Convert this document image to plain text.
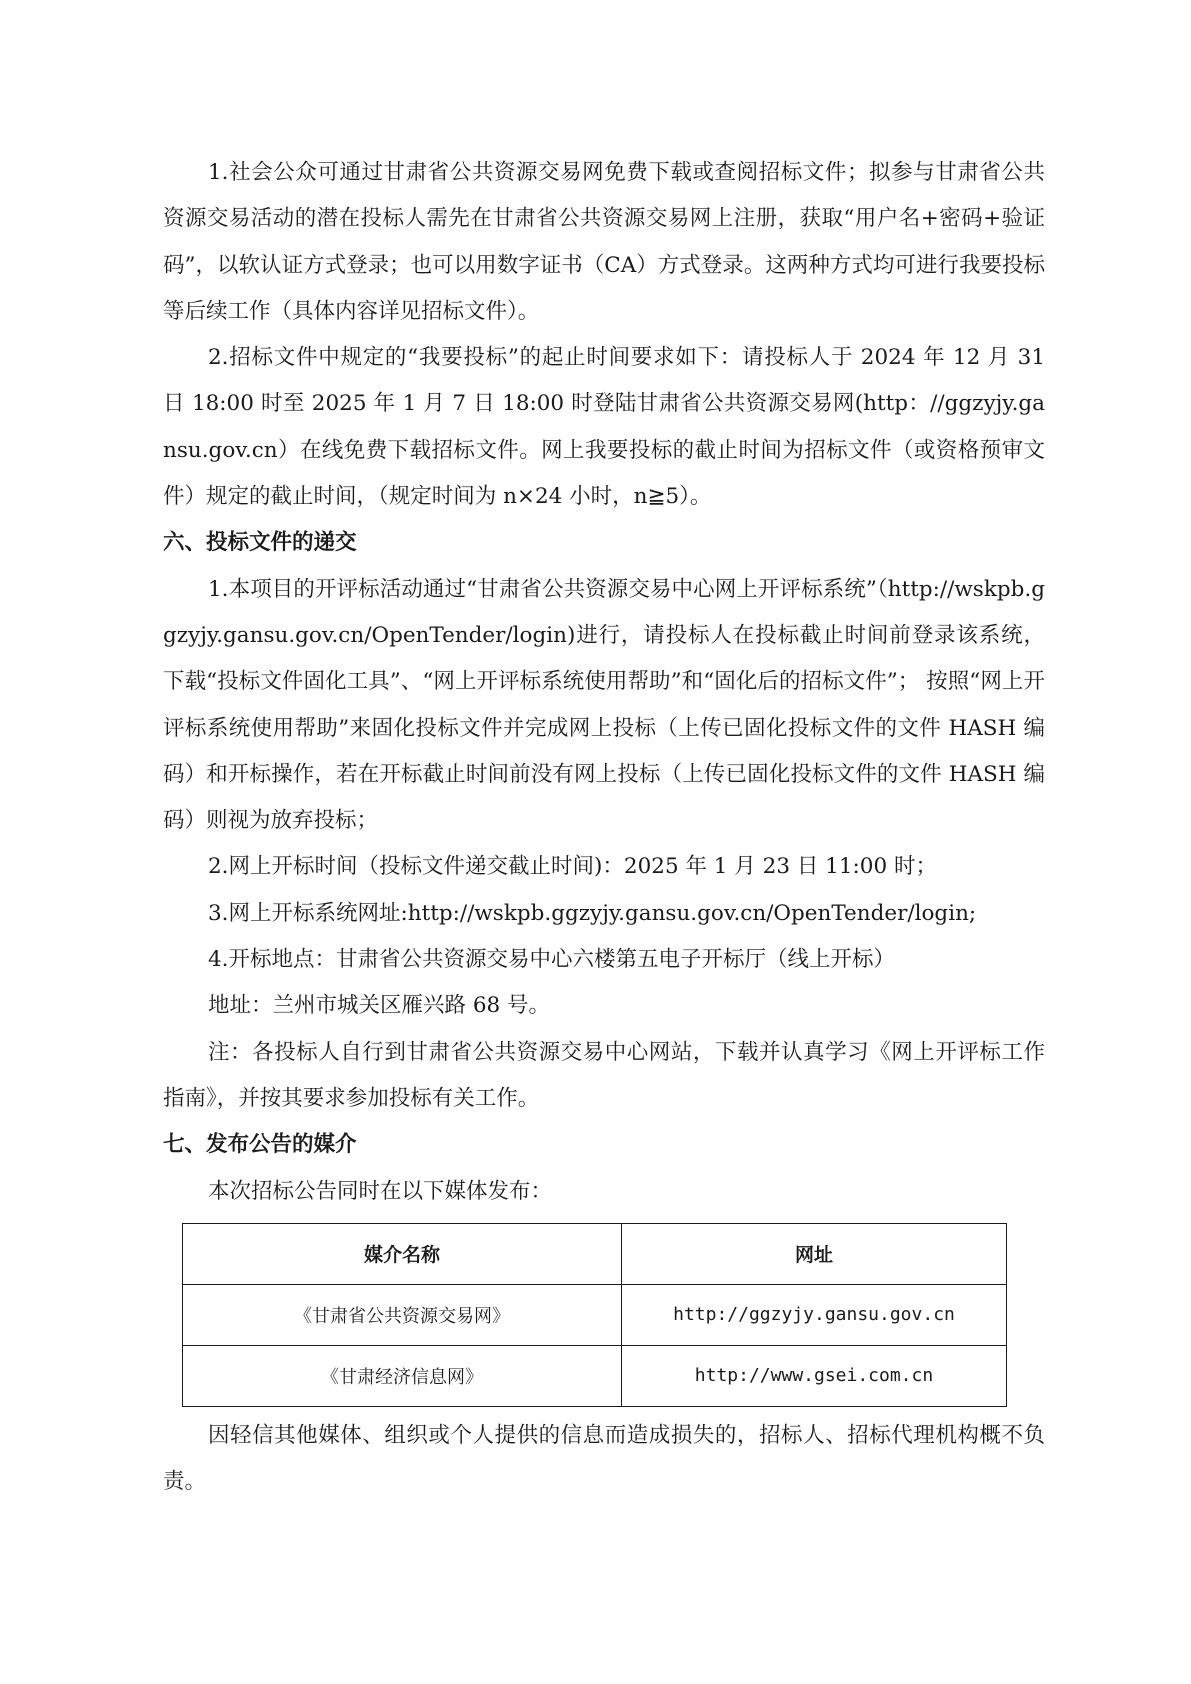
1.社会公众可通过甘肃省公共资源交易网免费下载或查阅招标文件；拟参与甘肃省公共资源交易活动的潜在投标人需先在甘肃省公共资源交易网上注册，获取“用户名+密码+验证码”，以软认证方式登录；也可以用数字证书（CA）方式登录。这两种方式均可进行我要投标等后续工作（具体内容详见招标文件）。

2.招标文件中规定的“我要投标”的起止时间要求如下：请投标人于 2024 年 12 月 31 日 18:00 时至 2025 年 1 月 7 日 18:00 时登陆甘肃省公共资源交易网(http：//ggzyjy.gansu.gov.cn）在线免费下载招标文件。网上我要投标的截止时间为招标文件（或资格预审文件）规定的截止时间，（规定时间为 n×24 小时，n≧5）。

六、投标文件的递交

1.本项目的开评标活动通过“甘肃省公共资源交易中心网上开评标系统”（http://wskpb.ggzyjy.gansu.gov.cn/OpenTender/login)进行，请投标人在投标截止时间前登录该系统，下载“投标文件固化工具”、“网上开评标系统使用帮助”和“固化后的招标文件”； 按照“网上开评标系统使用帮助”来固化投标文件并完成网上投标（上传已固化投标文件的文件 HASH 编码）和开标操作，若在开标截止时间前没有网上投标（上传已固化投标文件的文件 HASH 编码）则视为放弃投标；

2.网上开标时间（投标文件递交截止时间)：2025 年 1 月 23 日 11:00 时；

3.网上开标系统网址:http://wskpb.ggzyjy.gansu.gov.cn/OpenTender/login;

4.开标地点：甘肃省公共资源交易中心六楼第五电子开标厅（线上开标）

地址：兰州市城关区雁兴路 68 号。

注：各投标人自行到甘肃省公共资源交易中心网站，下载并认真学习《网上开评标工作指南》，并按其要求参加投标有关工作。

七、发布公告的媒介

本次招标公告同时在以下媒体发布：

媒介名称	网址
《甘肃省公共资源交易网》	http://ggzyjy.gansu.gov.cn
《甘肃经济信息网》	http://www.gsei.com.cn

因轻信其他媒体、组织或个人提供的信息而造成损失的，招标人、招标代理机构概不负责。
